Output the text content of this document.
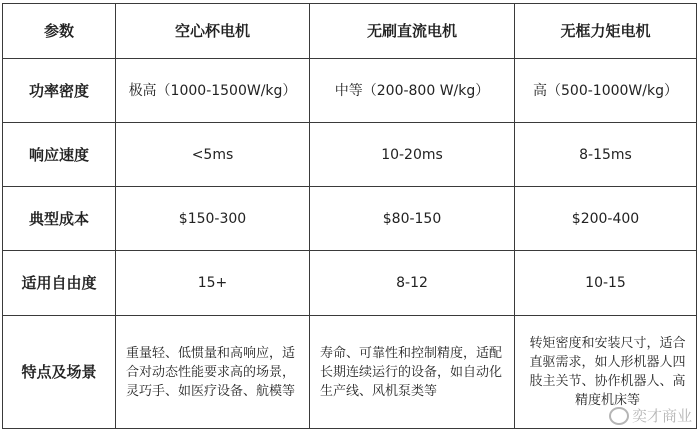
参数	空心杯电机	无刷直流电机	无框力矩电机
功率密度	极高（1000-1500W/kg）	中等（200-800 W/kg）	高（500-1000W/kg）
响应速度	<5ms	10-20ms	8-15ms
典型成本	$150-300	$80-150	$200-400
适用自由度	15+	8-12	10-15
特点及场景	重量轻、低惯量和高响应，适合对动态性能要求高的场景，灵巧手、如医疗设备、航模等	寿命、可靠性和控制精度，适配长期连续运行的设备，如自动化生产线、风机泵类等	转矩密度和安装尺寸，适合直驱需求，如人形机器人四肢主关节、协作机器人、高精度机床等
奕才商业
